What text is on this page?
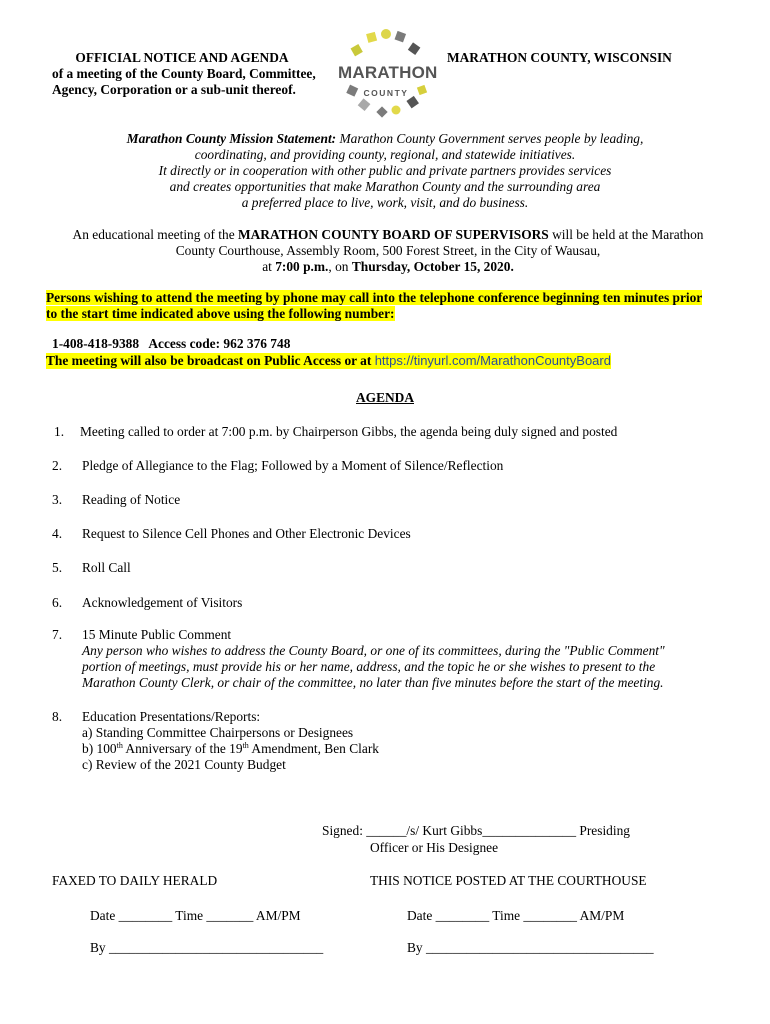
OFFICIAL NOTICE AND AGENDA
of a meeting of the County Board, Committee,
Agency, Corporation or a sub-unit thereof.
MARATHON COUNTY, WISCONSIN
MARATHON
COUNTY
Marathon County Mission Statement: Marathon County Government serves people by leading,
coordinating, and providing county, regional, and statewide initiatives.
It directly or in cooperation with other public and private partners provides services
and creates opportunities that make Marathon County and the surrounding area
a preferred place to live, work, visit, and do business.
An educational meeting of the MARATHON COUNTY BOARD OF SUPERVISORS will be held at the Marathon
County Courthouse, Assembly Room, 500 Forest Street, in the City of Wausau,
at 7:00 p.m., on Thursday, October 15, 2020.
Persons wishing to attend the meeting by phone may call into the telephone conference beginning ten minutes prior
to the start time indicated above using the following number:
1-408-418-9388   Access code: 962 376 748
The meeting will also be broadcast on Public Access or at https://tinyurl.com/MarathonCountyBoard
AGENDA
1. Meeting called to order at 7:00 p.m. by Chairperson Gibbs, the agenda being duly signed and posted
2. Pledge of Allegiance to the Flag; Followed by a Moment of Silence/Reflection
3. Reading of Notice
4. Request to Silence Cell Phones and Other Electronic Devices
5. Roll Call
6. Acknowledgement of Visitors
7. 15 Minute Public Comment
Any person who wishes to address the County Board, or one of its committees, during the "Public Comment"
portion of meetings, must provide his or her name, address, and the topic he or she wishes to present to the
Marathon County Clerk, or chair of the committee, no later than five minutes before the start of the meeting.
8. Education Presentations/Reports:
a) Standing Committee Chairpersons or Designees
b) 100th Anniversary of the 19th Amendment, Ben Clark
c) Review of the 2021 County Budget
Signed: ______/s/ Kurt Gibbs______________ Presiding
Officer or His Designee
FAXED TO DAILY HERALD	THIS NOTICE POSTED AT THE COURTHOUSE
Date ________ Time _______ AM/PM	Date ________ Time ________ AM/PM
By ________________________________	By __________________________________
